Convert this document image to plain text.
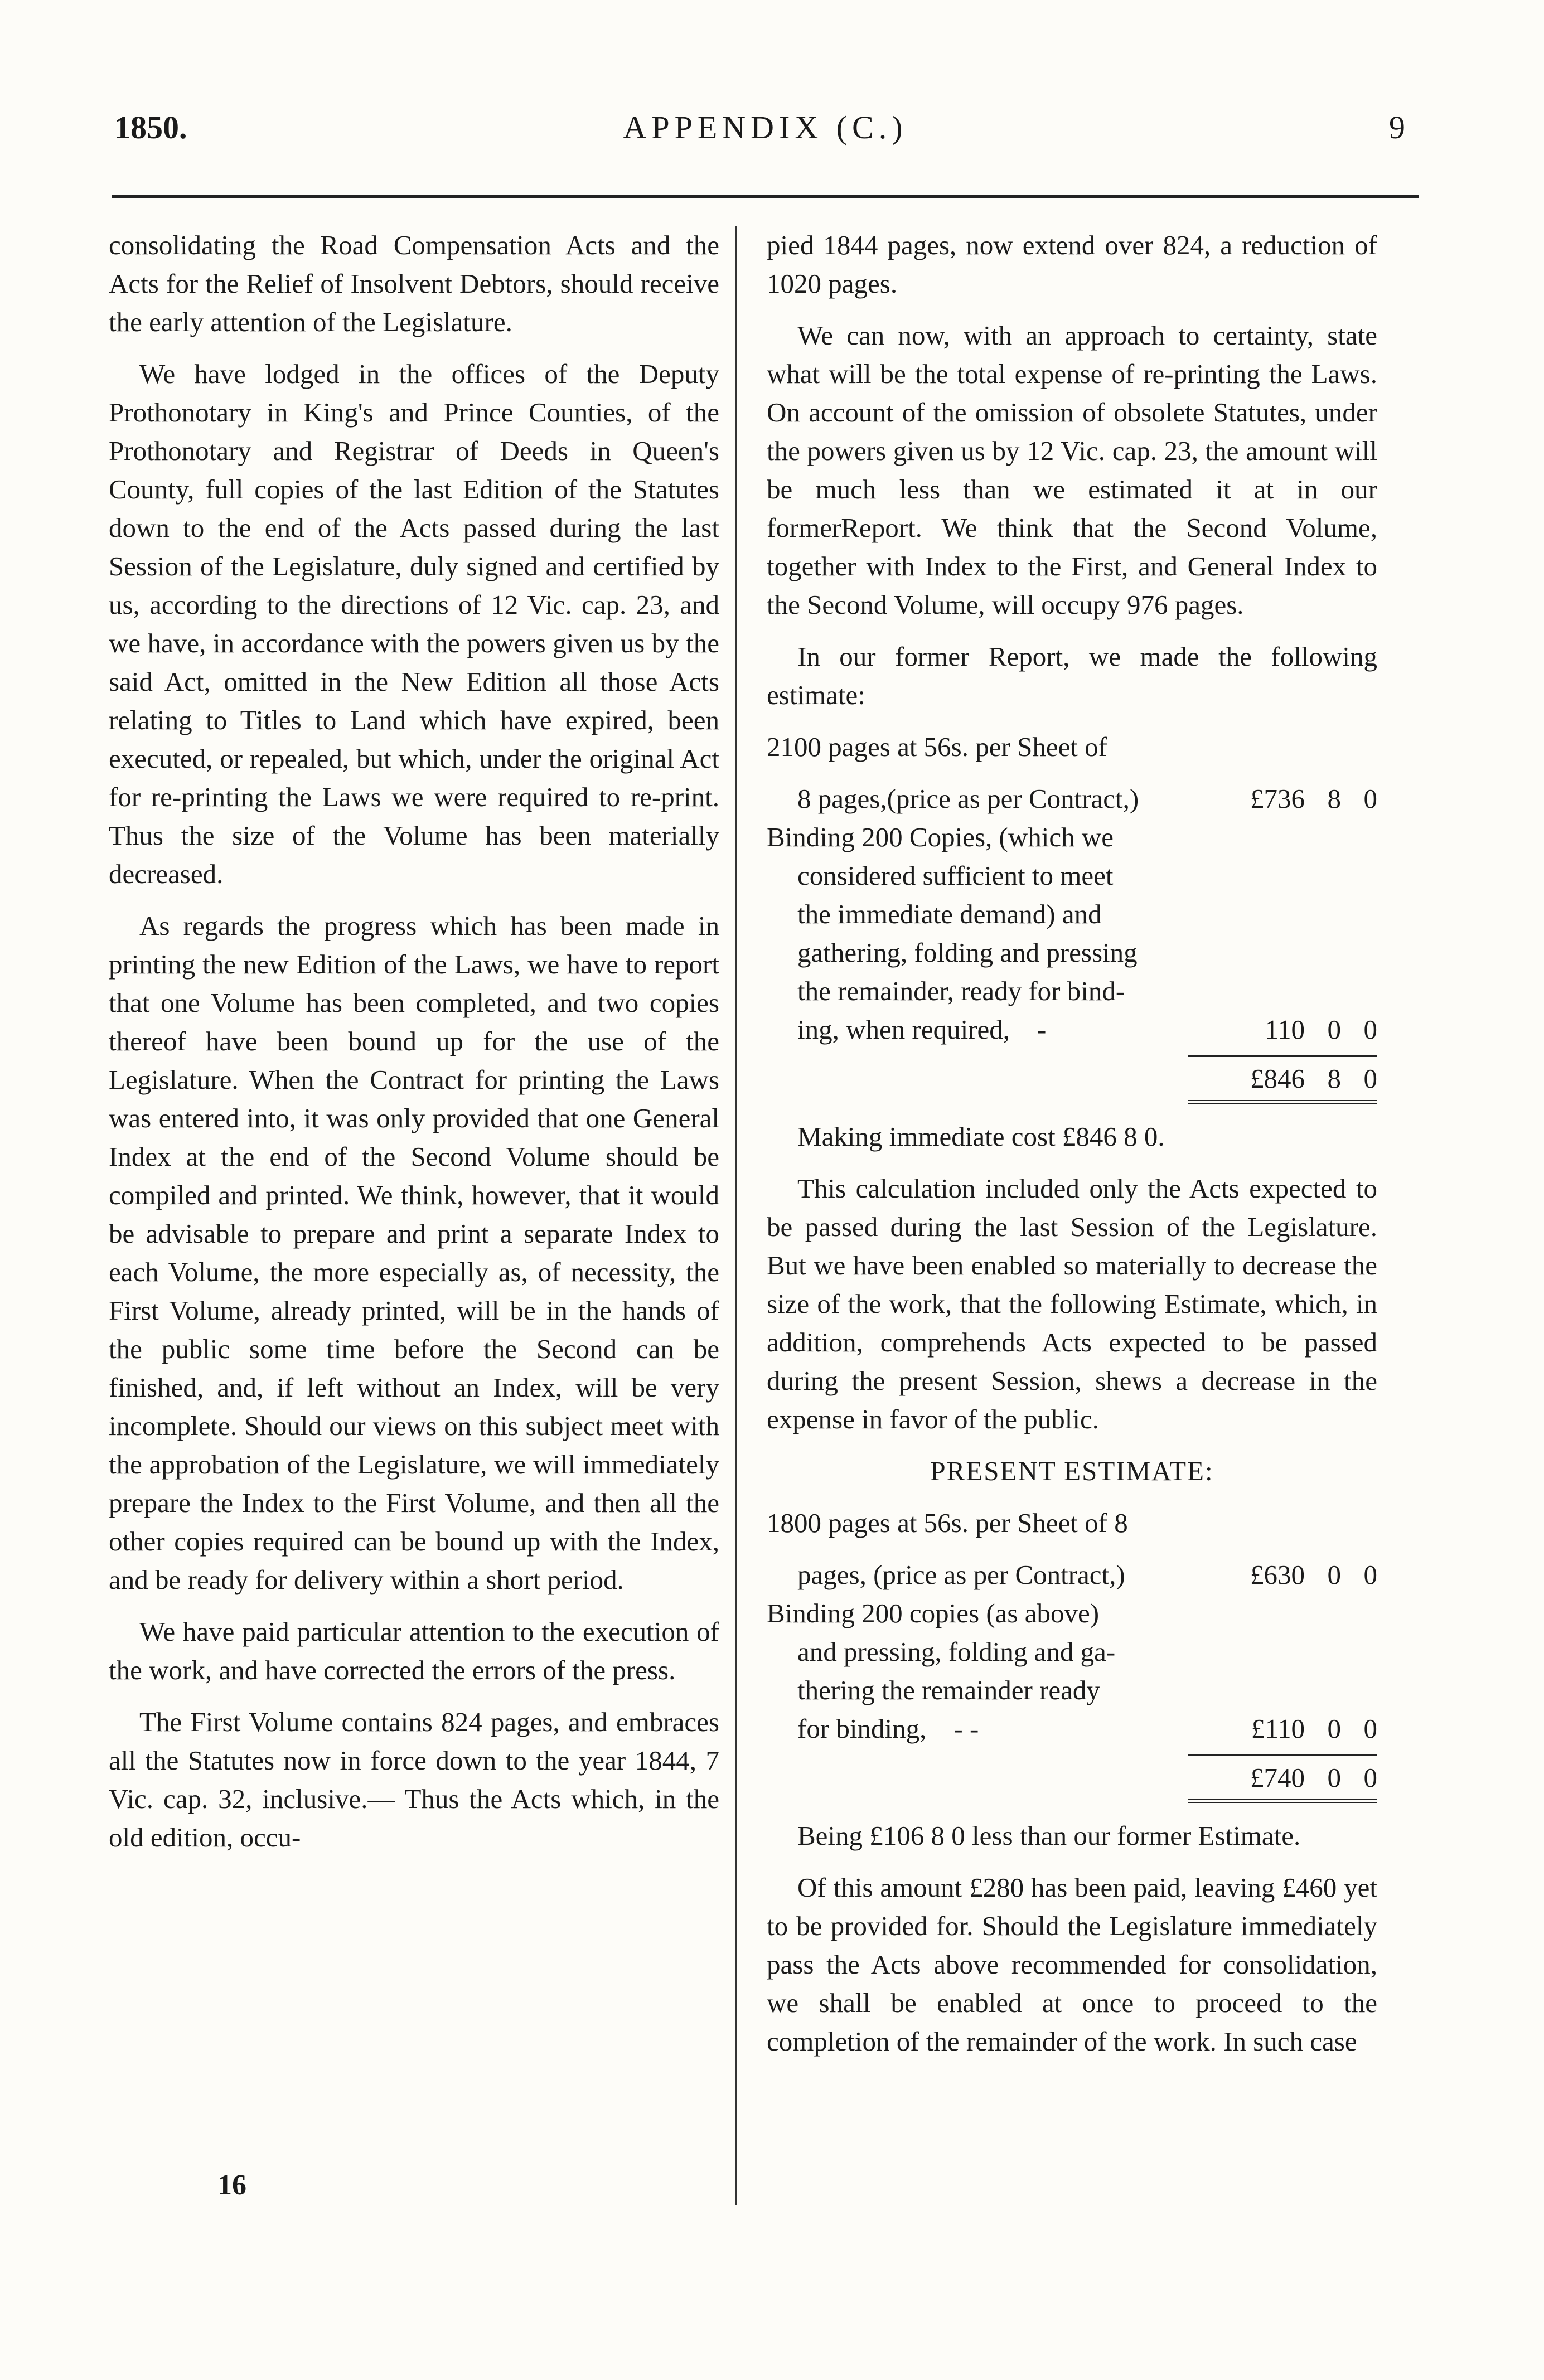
1850.	APPENDIX (C.)	9

consolidating the Road Compensation Acts and the Acts for the Relief of Insolvent Debtors, should receive the early attention of the Legislature.

We have lodged in the offices of the Deputy Prothonotary in King's and Prince Counties, of the Prothonotary and Registrar of Deeds in Queen's County, full copies of the last Edition of the Statutes down to the end of the Acts passed during the last Session of the Legislature, duly signed and certified by us, according to the directions of 12 Vic. cap. 23, and we have, in accordance with the powers given us by the said Act, omitted in the New Edition all those Acts relating to Titles to Land which have expired, been executed, or repealed, but which, under the original Act for re-printing the Laws we were required to re-print. Thus the size of the Volume has been materially decreased.

As regards the progress which has been made in printing the new Edition of the Laws, we have to report that one Volume has been completed, and two copies thereof have been bound up for the use of the Legislature. When the Contract for printing the Laws was entered into, it was only provided that one General Index at the end of the Second Volume should be compiled and printed. We think, however, that it would be advisable to prepare and print a separate Index to each Volume, the more especially as, of necessity, the First Volume, already printed, will be in the hands of the public some time before the Second can be finished, and, if left without an Index, will be very incomplete. Should our views on this subject meet with the approbation of the Legislature, we will immediately prepare the Index to the First Volume, and then all the other copies required can be bound up with the Index, and be ready for delivery within a short period.

We have paid particular attention to the execution of the work, and have corrected the errors of the press.

The First Volume contains 824 pages, and embraces all the Statutes now in force down to the year 1844, 7 Vic. cap. 32, inclusive.— Thus the Acts which, in the old edition, occu-

16

pied 1844 pages, now extend over 824, a reduction of 1020 pages.

We can now, with an approach to certainty, state what will be the total expense of re-printing the Laws. On account of the omission of obsolete Statutes, under the powers given us by 12 Vic. cap. 23, the amount will be much less than we estimated it at in our formerReport. We think that the Second Volume, together with Index to the First, and General Index to the Second Volume, will occupy 976 pages.

In our former Report, we made the following estimate:

2100 pages at 56s. per Sheet of

8 pages,(price as per Contract,)	£736 8 0
Binding 200 Copies, (which we
considered sufficient to meet
the immediate demand) and
gathering, folding and pressing
the remainder, ready for bind-
ing, when required, -	110 0 0
£846 8 0

Making immediate cost £846 8 0.

This calculation included only the Acts expected to be passed during the last Session of the Legislature. But we have been enabled so materially to decrease the size of the work, that the following Estimate, which, in addition, comprehends Acts expected to be passed during the present Session, shews a decrease in the expense in favor of the public.

PRESENT ESTIMATE:

1800 pages at 56s. per Sheet of 8

pages, (price as per Contract,)	£630 0 0
Binding 200 copies (as above)
and pressing, folding and ga-
thering the remainder ready
for binding, - -	£110 0 0
£740 0 0

Being £106 8 0 less than our former Estimate.

Of this amount £280 has been paid, leaving £460 yet to be provided for. Should the Legislature immediately pass the Acts above recommended for consolidation, we shall be enabled at once to proceed to the completion of the remainder of the work. In such case
